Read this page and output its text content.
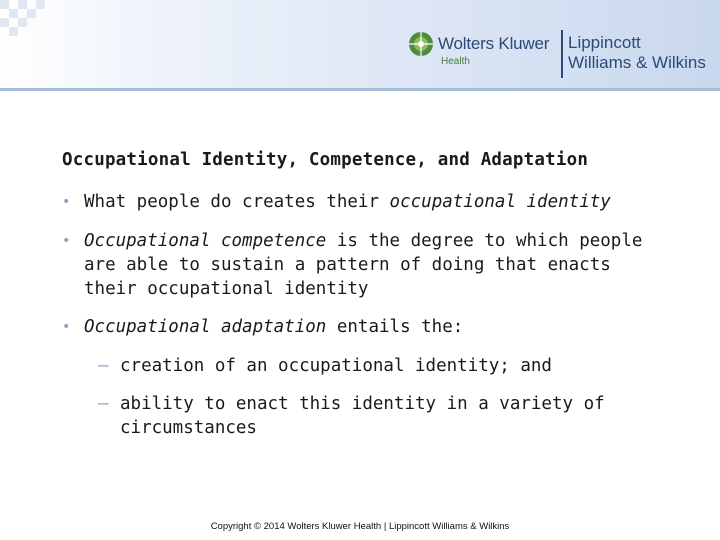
Wolters Kluwer
Health
Lippincott
Williams & Wilkins
Occupational Identity, Competence, and Adaptation
• What people do creates their occupational identity
• Occupational competence is the degree to which people are able to sustain a pattern of doing that enacts their occupational identity
• Occupational adaptation entails the:
– creation of an occupational identity; and
– ability to enact this identity in a variety of circumstances
Copyright © 2014 Wolters Kluwer Health | Lippincott Williams & Wilkins
